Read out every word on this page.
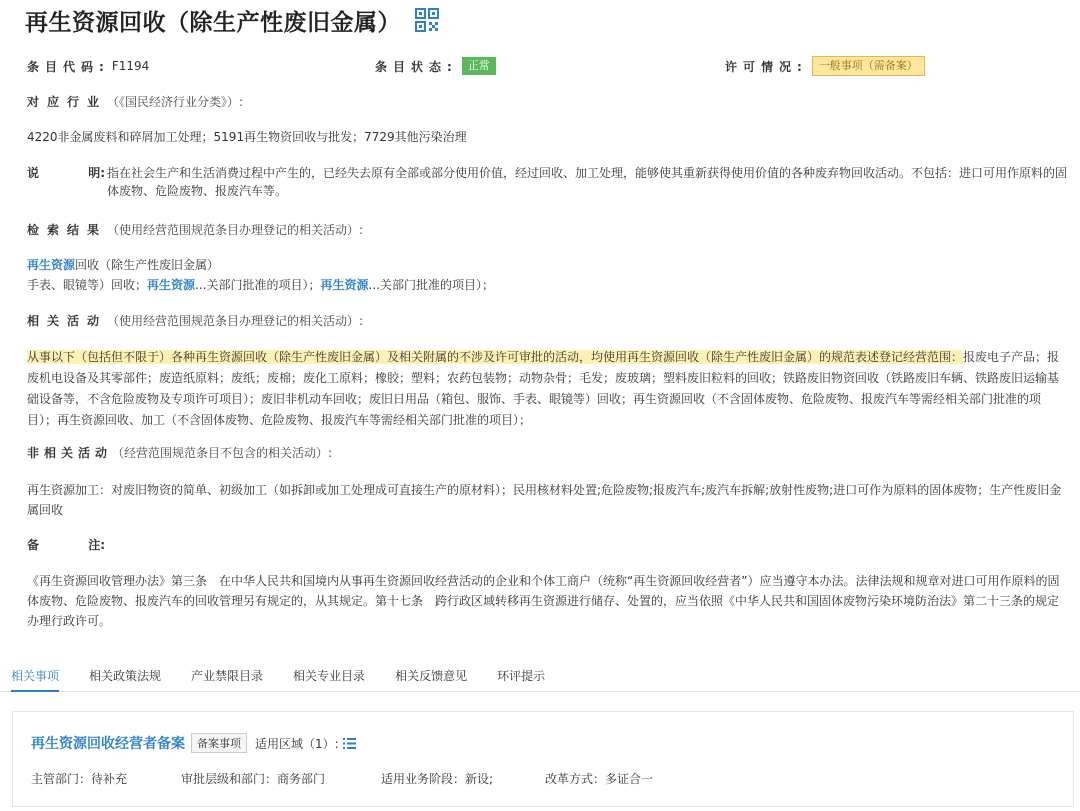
再生资源回收（除生产性废旧金属）
条目代码: F1194	条目状态: 正常	许可情况:	一般事项（需备案）
对应行业（《国民经济行业分类》）:
4220非金属废料和碎屑加工处理；5191再生物资回收与批发；7729其他污染治理
说	明: 指在社会生产和生活消费过程中产生的，已经失去原有全部或部分使用价值，经过回收、加工处理，能够使其重新获得使用价值的各种废弃物回收活动。不包括：进口可用作原料的固体废物、危险废物、报废汽车等。
检索结果（使用经营范围规范条目办理登记的相关活动）:
再生资源回收（除生产性废旧金属）
手表、眼镜等）回收；再生资源...关部门批准的项目）；再生资源...关部门批准的项目）；
相关活动（使用经营范围规范条目办理登记的相关活动）:
从事以下（包括但不限于）各种再生资源回收（除生产性废旧金属）及相关附属的不涉及许可审批的活动，均使用再生资源回收（除生产性废旧金属）的规范表述登记经营范围：报废电子产品；报废机电设备及其零部件；废造纸原料；废纸；废棉；废化工原料；橡胶；塑料；农药包装物；动物杂骨；毛发；废玻璃；塑料废旧粒料的回收；铁路废旧物资回收（铁路废旧车辆、铁路废旧运输基础设备等，不含危险废物及专项许可项目）；废旧非机动车回收；废旧日用品（箱包、服饰、手表、眼镜等）回收；再生资源回收（不含固体废物、危险废物、报废汽车等需经相关部门批准的项目）；再生资源回收、加工（不含固体废物、危险废物、报废汽车等需经相关部门批准的项目）；
非相关活动（经营范围规范条目不包含的相关活动）:
再生资源加工：对废旧物资的简单、初级加工（如拆卸或加工处理成可直接生产的原材料）；民用核材料处置;危险废物;报废汽车;废汽车拆解;放射性废物;进口可作为原料的固体废物；生产性废旧金属回收
备	注:
《再生资源回收管理办法》第三条　在中华人民共和国境内从事再生资源回收经营活动的企业和个体工商户（统称“再生资源回收经营者”）应当遵守本办法。法律法规和规章对进口可用作原料的固体废物、危险废物、报废汽车的回收管理另有规定的，从其规定。第十七条　跨行政区域转移再生资源进行储存、处置的，应当依照《中华人民共和国固体废物污染环境防治法》第二十三条的规定办理行政许可。
相关事项	相关政策法规	产业禁限目录	相关专业目录	相关反馈意见	环评提示
再生资源回收经营者备案	备案事项	适用区域（1）:
主管部门：待补充	审批层级和部门：商务部门	适用业务阶段：新设;	改革方式：多证合一
